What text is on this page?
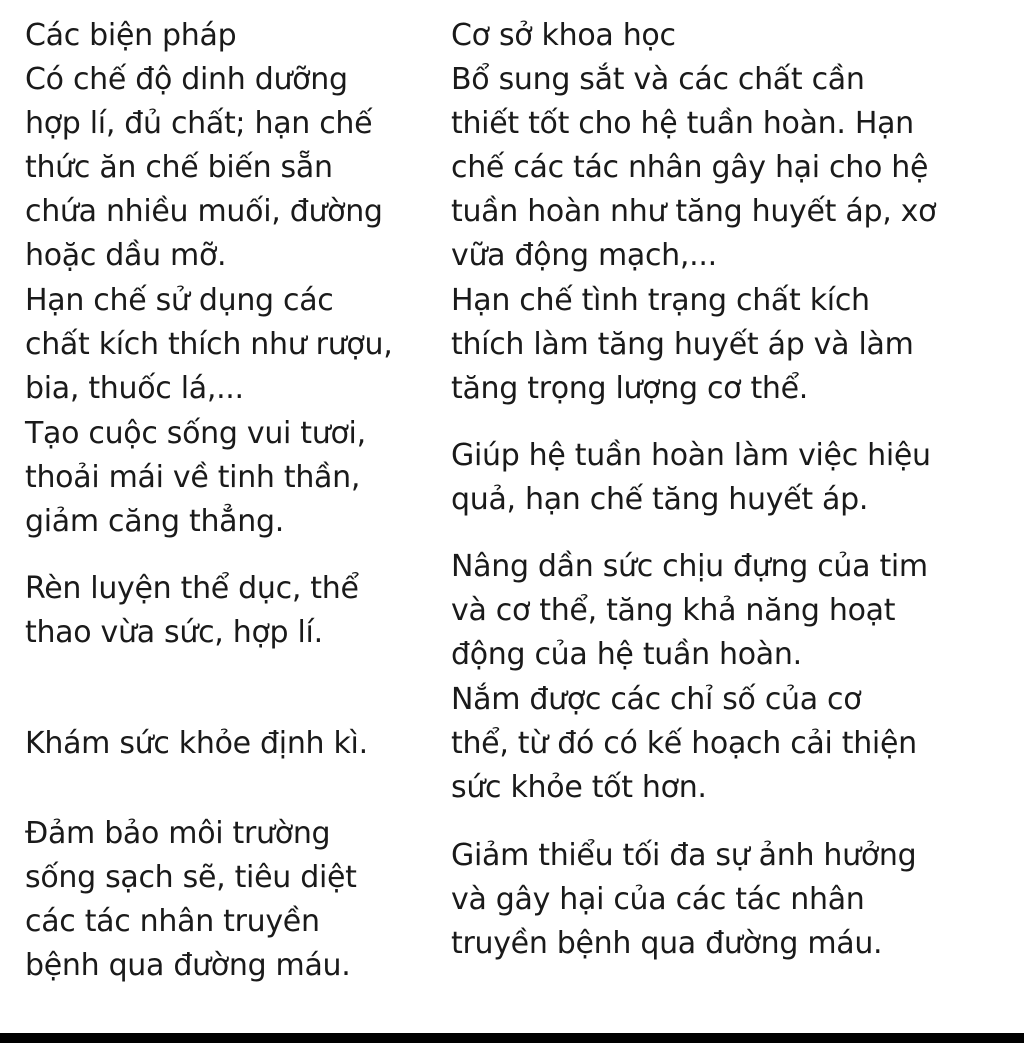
Các biện pháp	Cơ sở khoa học
Có chế độ dinh dưỡng
hợp lí, đủ chất; hạn chế
thức ăn chế biến sẵn
chứa nhiều muối, đường
hoặc dầu mỡ.
Bổ sung sắt và các chất cần
thiết tốt cho hệ tuần hoàn. Hạn
chế các tác nhân gây hại cho hệ
tuần hoàn như tăng huyết áp, xơ
vữa động mạch,...
Hạn chế sử dụng các
chất kích thích như rượu,
bia, thuốc lá,...
Hạn chế tình trạng chất kích
thích làm tăng huyết áp và làm
tăng trọng lượng cơ thể.
Tạo cuộc sống vui tươi,
thoải mái về tinh thần,
giảm căng thẳng.
Giúp hệ tuần hoàn làm việc hiệu
quả, hạn chế tăng huyết áp.
Rèn luyện thể dục, thể
thao vừa sức, hợp lí.
Nâng dần sức chịu đựng của tim
và cơ thể, tăng khả năng hoạt
động của hệ tuần hoàn.
Khám sức khỏe định kì.
Nắm được các chỉ số của cơ
thể, từ đó có kế hoạch cải thiện
sức khỏe tốt hơn.
Đảm bảo môi trường
sống sạch sẽ, tiêu diệt
các tác nhân truyền
bệnh qua đường máu.
Giảm thiểu tối đa sự ảnh hưởng
và gây hại của các tác nhân
truyền bệnh qua đường máu.
